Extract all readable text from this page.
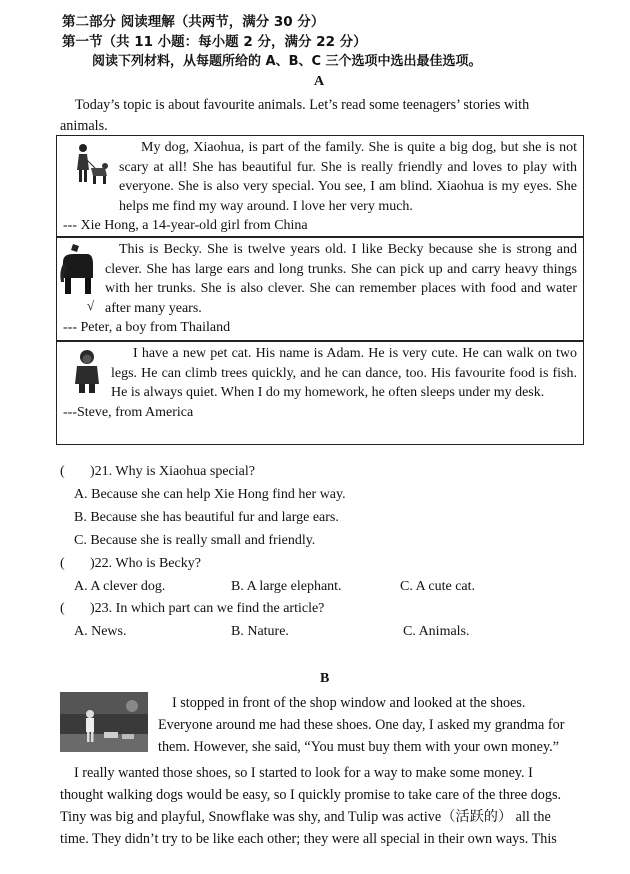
第二部分 阅读理解（共两节，满分 30 分）
第一节（共 11 小题：每小题 2 分，满分 22 分）
阅读下列材料，从每题所给的 A、B、C 三个选项中选出最佳选项。
A
Today’s topic is about favourite animals. Let’s read some teenagers’ stories with animals.

My dog, Xiaohua, is part of the family. She is quite a big dog, but she is not scary at all! She has beautiful fur. She is really friendly and loves to play with everyone. She is also very special. You see, I am blind. Xiaohua is my eyes. She helps me find my way around. I love her very much.

--- Xie Hong, a 14-year-old girl from China

√

This is Becky. She is twelve years old. I like Becky because she is strong and clever. She has large ears and long trunks. She can pick up and carry heavy things with her trunks. She is also clever. She can remember places with food and water after many years.

--- Peter, a boy from Thailand

I have a new pet cat. His name is Adam. He is very cute. He can walk on two legs. He can climb trees quickly, and he can dance, too. His favourite food is fish. He is always quiet. When I do my homework, he often sleeps under my desk.

---Steve, from America

( )21. Why is Xiaohua special?
A. Because she can help Xie Hong find her way.
B. Because she has beautiful fur and large ears.
C. Because she is really small and friendly.
( )22. Who is Becky?
A. A clever dog.	B. A large elephant.	C. A cute cat.
( )23. In which part can we find the article?
A. News.	B. Nature.	C. Animals.
B
I stopped in front of the shop window and looked at the shoes.
Everyone around me had these shoes. One day, I asked my grandma for
them. However, she said, “You must buy them with your own money.”
I really wanted those shoes, so I started to look for a way to make some money. I
thought walking dogs would be easy, so I quickly promise to take care of the three dogs.
Tiny was big and playful, Snowflake was shy, and Tulip was active（活跃的） all the
time. They didn’t try to be like each other; they were all special in their own ways. This
